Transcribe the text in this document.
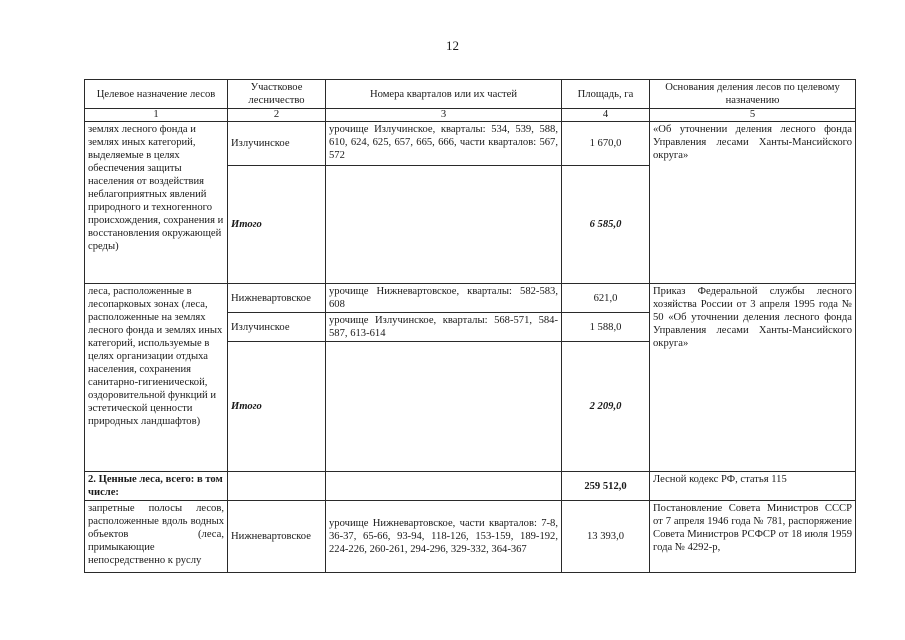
12
Целевое назначение лесов	Участковое лесничество	Номера кварталов или их частей	Площадь, га	Основания деления лесов по целевому назначению
1	2	3	4	5
землях лесного фонда и землях иных категорий, выделяемые в целях обеспечения защиты населения от воздействия неблагоприятных явлений природного и техногенного происхождения, сохранения и восстановления окружающей среды)	Излучинское	урочище Излучинское, кварталы: 534, 539, 588, 610, 624, 625, 657, 665, 666, части кварталов: 567, 572	1 670,0	«Об уточнении деления лесного фонда Управления лесами Ханты-Мансийского округа»
	Итого		6 585,0	
леса, расположенные в лесопарковых зонах (леса, расположенные на землях лесного фонда и землях иных категорий, используемые в целях организации отдыха населения, сохранения санитарно-гигиенической, оздоровительной функций и эстетической ценности природных ландшафтов)	Нижневартовское	урочище Нижневартовское, кварталы: 582-583, 608	621,0	Приказ Федеральной службы лесного хозяйства России от 3 апреля 1995 года № 50 «Об уточнении деления лесного фонда Управления лесами Ханты-Мансийского округа»
	Излучинское	урочище Излучинское, кварталы: 568-571, 584-587, 613-614	1 588,0	
	Итого		2 209,0	
2. Ценные леса, всего: в том числе:			259 512,0	Лесной кодекс РФ, статья 115
запретные полосы лесов, расположенные вдоль водных объектов (леса, примыкающие непосредственно к руслу	Нижневартовское	урочище Нижневартовское, части кварталов: 7-8, 36-37, 65-66, 93-94, 118-126, 153-159, 189-192, 224-226, 260-261, 294-296, 329-332, 364-367	13 393,0	Постановление Совета Министров СССР от 7 апреля 1946 года № 781, распоряжение Совета Министров РСФСР от 18 июля 1959 года № 4292-р,
